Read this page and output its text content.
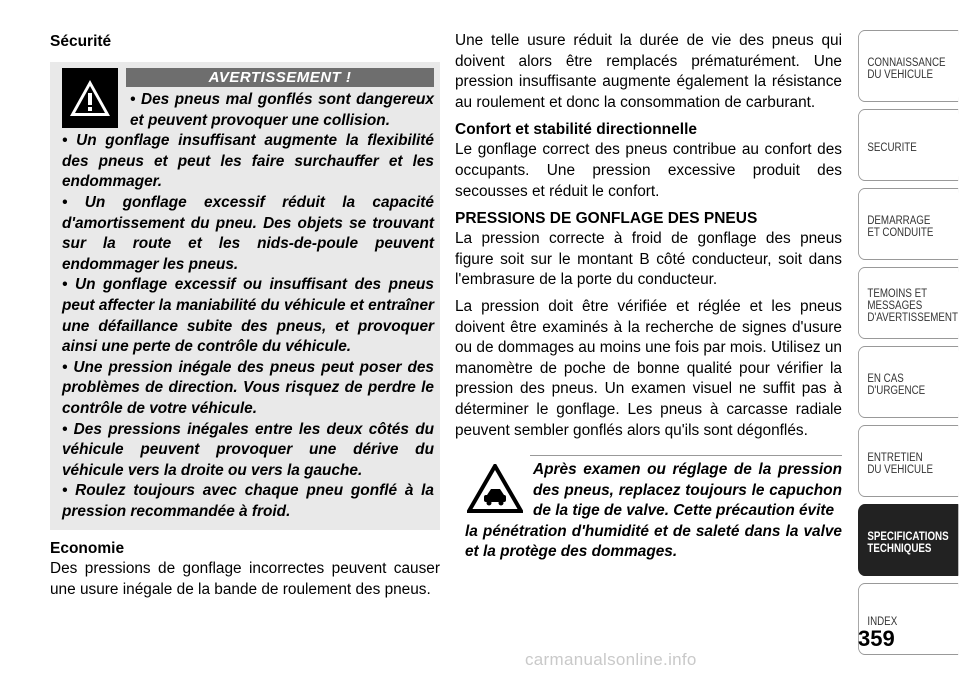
Sécurité
AVERTISSEMENT !
• Des pneus mal gonflés sont dangereux et peuvent provoquer une collision.
• Un gonflage insuffisant augmente la flexibilité des pneus et peut les faire surchauffer et les endommager.
• Un gonflage excessif réduit la capacité d'amortissement du pneu. Des objets se trouvant sur la route et les nids-de-poule peuvent endommager les pneus.
• Un gonflage excessif ou insuffisant des pneus peut affecter la maniabilité du véhicule et entraîner une défaillance subite des pneus, et provoquer ainsi une perte de contrôle du véhicule.
• Une pression inégale des pneus peut poser des problèmes de direction. Vous risquez de perdre le contrôle de votre véhicule.
• Des pressions inégales entre les deux côtés du véhicule peuvent provoquer une dérive du véhicule vers la droite ou vers la gauche.
• Roulez toujours avec chaque pneu gonflé à la pression recommandée à froid.
Economie

Des pressions de gonflage incorrectes peuvent causer une usure inégale de la bande de roulement des pneus.

Une telle usure réduit la durée de vie des pneus qui doivent alors être remplacés prématurément. Une pression insuffisante augmente également la résistance au roulement et donc la consommation de carburant.

Confort et stabilité directionnelle

Le gonflage correct des pneus contribue au confort des occupants. Une pression excessive produit des secousses et réduit le confort.

PRESSIONS DE GONFLAGE DES PNEUS

La pression correcte à froid de gonflage des pneus figure soit sur le montant B côté conducteur, soit dans l'embrasure de la porte du conducteur.

La pression doit être vérifiée et réglée et les pneus doivent être examinés à la recherche de signes d'usure ou de dommages au moins une fois par mois. Utilisez un manomètre de poche de bonne qualité pour vérifier la pression des pneus. Un examen visuel ne suffit pas à déterminer le gonflage. Les pneus à carcasse radiale peuvent sembler gonflés alors qu'ils sont dégonflés.

Après examen ou réglage de la pression des pneus, replacez toujours le capuchon de la tige de valve. Cette précaution évite
la pénétration d'humidité et de saleté dans la valve et la protège des dommages.
CONNAISSANCE
DU VEHICULE
SECURITE
DEMARRAGE
ET CONDUITE
TEMOINS ET
MESSAGES
D'AVERTISSEMENT
EN CAS
D'URGENCE
ENTRETIEN
DU VEHICULE
SPECIFICATIONS
TECHNIQUES
INDEX
359
carmanualsonline.info
